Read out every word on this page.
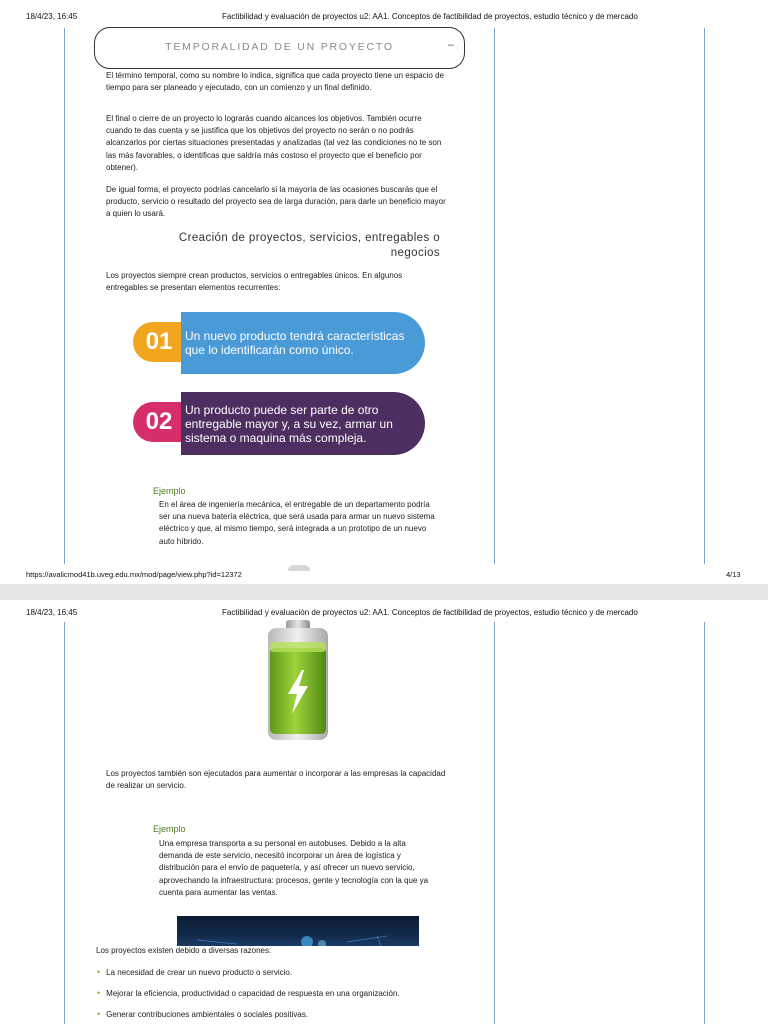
18/4/23, 16:45	Factibilidad y evaluación de proyectos u2: AA1. Conceptos de factibilidad de proyectos, estudio técnico y de mercado
TEMPORALIDAD DE UN PROYECTO	–

El término temporal, como su nombre lo indica, significa que cada proyecto tiene un espacio de tiempo para ser planeado y ejecutado, con un comienzo y un final definido.

El final o cierre de un proyecto lo lograrás cuando alcances los objetivos. También ocurre cuando te das cuenta y se justifica que los objetivos del proyecto no serán o no podrás alcanzarlos por ciertas situaciones presentadas y analizadas (tal vez las condiciones no te son las más favorables, o identificas que saldría más costoso el proyecto que el beneficio por obtener).

De igual forma, el proyecto podrías cancelarlo si la mayoría de las ocasiones buscarás que el producto, servicio o resultado del proyecto sea de larga duración, para darle un beneficio mayor a quien lo usará.

Creación de proyectos, servicios, entregables o negocios

Los proyectos siempre crean productos, servicios o entregables únicos. En algunos entregables se presentan elementos recurrentes:

01	Un nuevo producto tendrá características que lo identificarán como único.
02	Un producto puede ser parte de otro entregable mayor y, a su vez, armar un sistema o maquina más compleja.
Ejemplo

En el área de ingeniería mecánica, el entregable de un departamento podría ser una nueva batería eléctrica, que será usada para armar un nuevo sistema eléctrico y que, al mismo tiempo, será integrada a un prototipo de un nuevo auto híbrido.

https://avalicmod41b.uveg.edu.mx/mod/page/view.php?id=12372	4/13
18/4/23, 16:45	Factibilidad y evaluación de proyectos u2: AA1. Conceptos de factibilidad de proyectos, estudio técnico y de mercado

Los proyectos también son ejecutados para aumentar o incorporar a las empresas la capacidad de realizar un servicio.

Ejemplo

Una empresa transporta a su personal en autobuses. Debido a la alta demanda de este servicio, necesitó incorporar un área de logística y distribución para el envío de paquetería, y así ofrecer un nuevo servicio, aprovechando la infraestructura: procesos, gente y tecnología con la que ya cuenta para aumentar las ventas.

Los proyectos existen debido a diversas razones:

• La necesidad de crear un nuevo producto o servicio.
• Mejorar la eficiencia, productividad o capacidad de respuesta en una organización.
• Generar contribuciones ambientales o sociales positivas.
